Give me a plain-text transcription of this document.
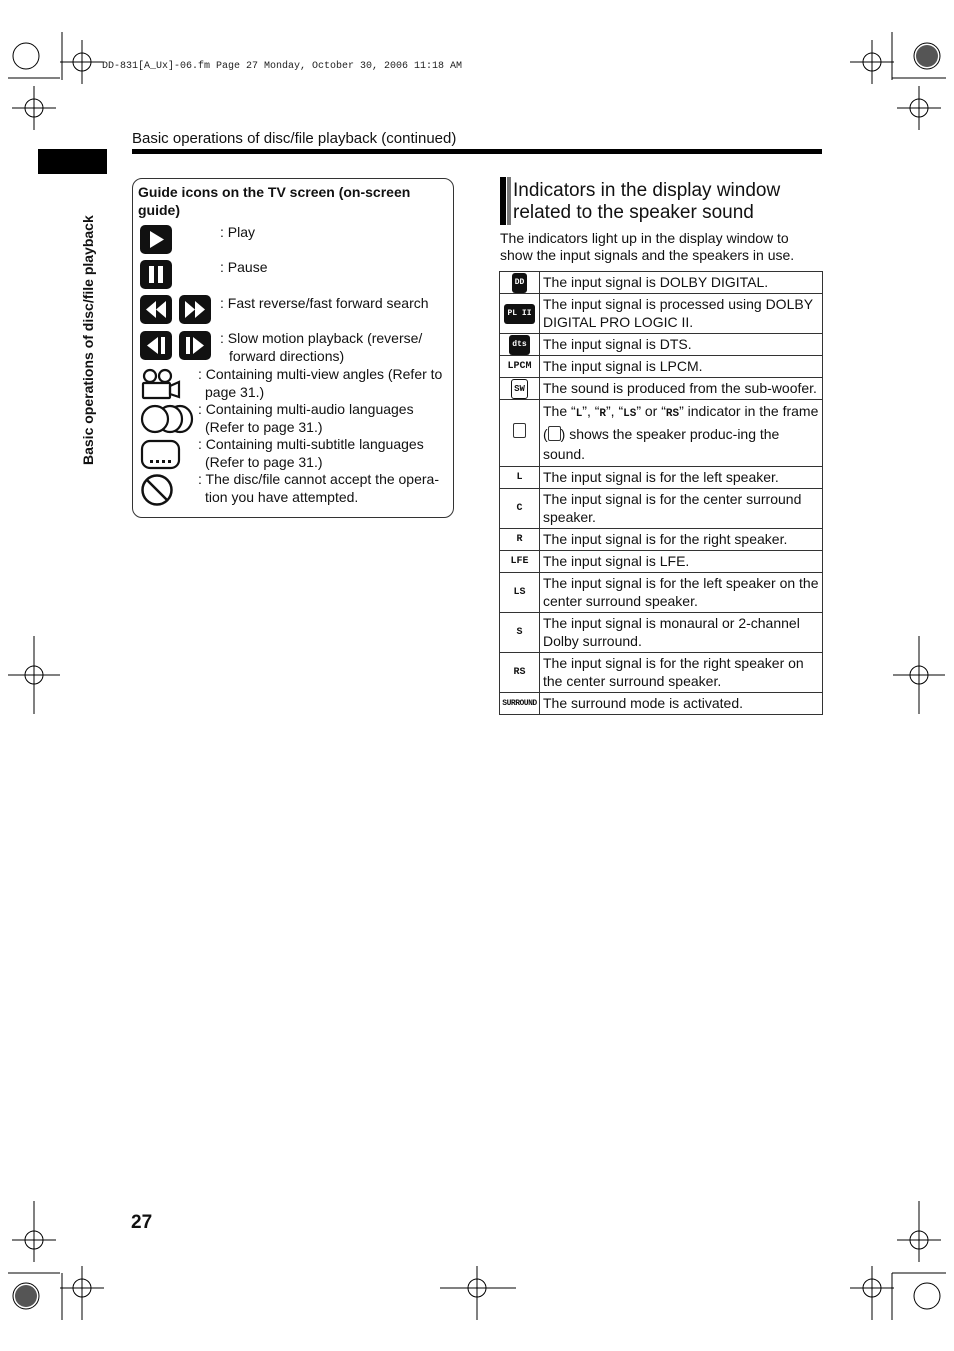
DD-831[A_Ux]-06.fm Page 27 Monday, October 30, 2006 11:18 AM
Basic operations of disc/file playback (continued)
Basic operations of disc/file playback
Guide icons on the TV screen (on-screen guide)
: Play
: Pause
: Fast reverse/fast forward search
: Slow motion playback (reverse/
forward directions)
: Containing multi-view angles (Refer to
page 31.)
: Containing multi-audio languages
(Refer to page 31.)
: Containing multi-subtitle languages
(Refer to page 31.)
: The disc/file cannot accept the opera-
tion you have attempted.
Indicators in the display window related to the speaker sound
The indicators light up in the display window to show the input signals and the speakers in use.
DD	The input signal is DOLBY DIGITAL.
PL II	The input signal is processed using DOLBY DIGITAL PRO LOGIC II.
dts	The input signal is DTS.
LPCM	The input signal is LPCM.
SW	The sound is produced from the sub-woofer.
	The “L”, “R”, “LS” or “RS” indicator in the frame ( ) shows the speaker produc-ing the sound.
L	The input signal is for the left speaker.
C	The input signal is for the center surround speaker.
R	The input signal is for the right speaker.
LFE	The input signal is LFE.
LS	The input signal is for the left speaker on the center surround speaker.
S	The input signal is monaural or 2-channel Dolby surround.
RS	The input signal is for the right speaker on the center surround speaker.
SURROUND	The surround mode is activated.
27
